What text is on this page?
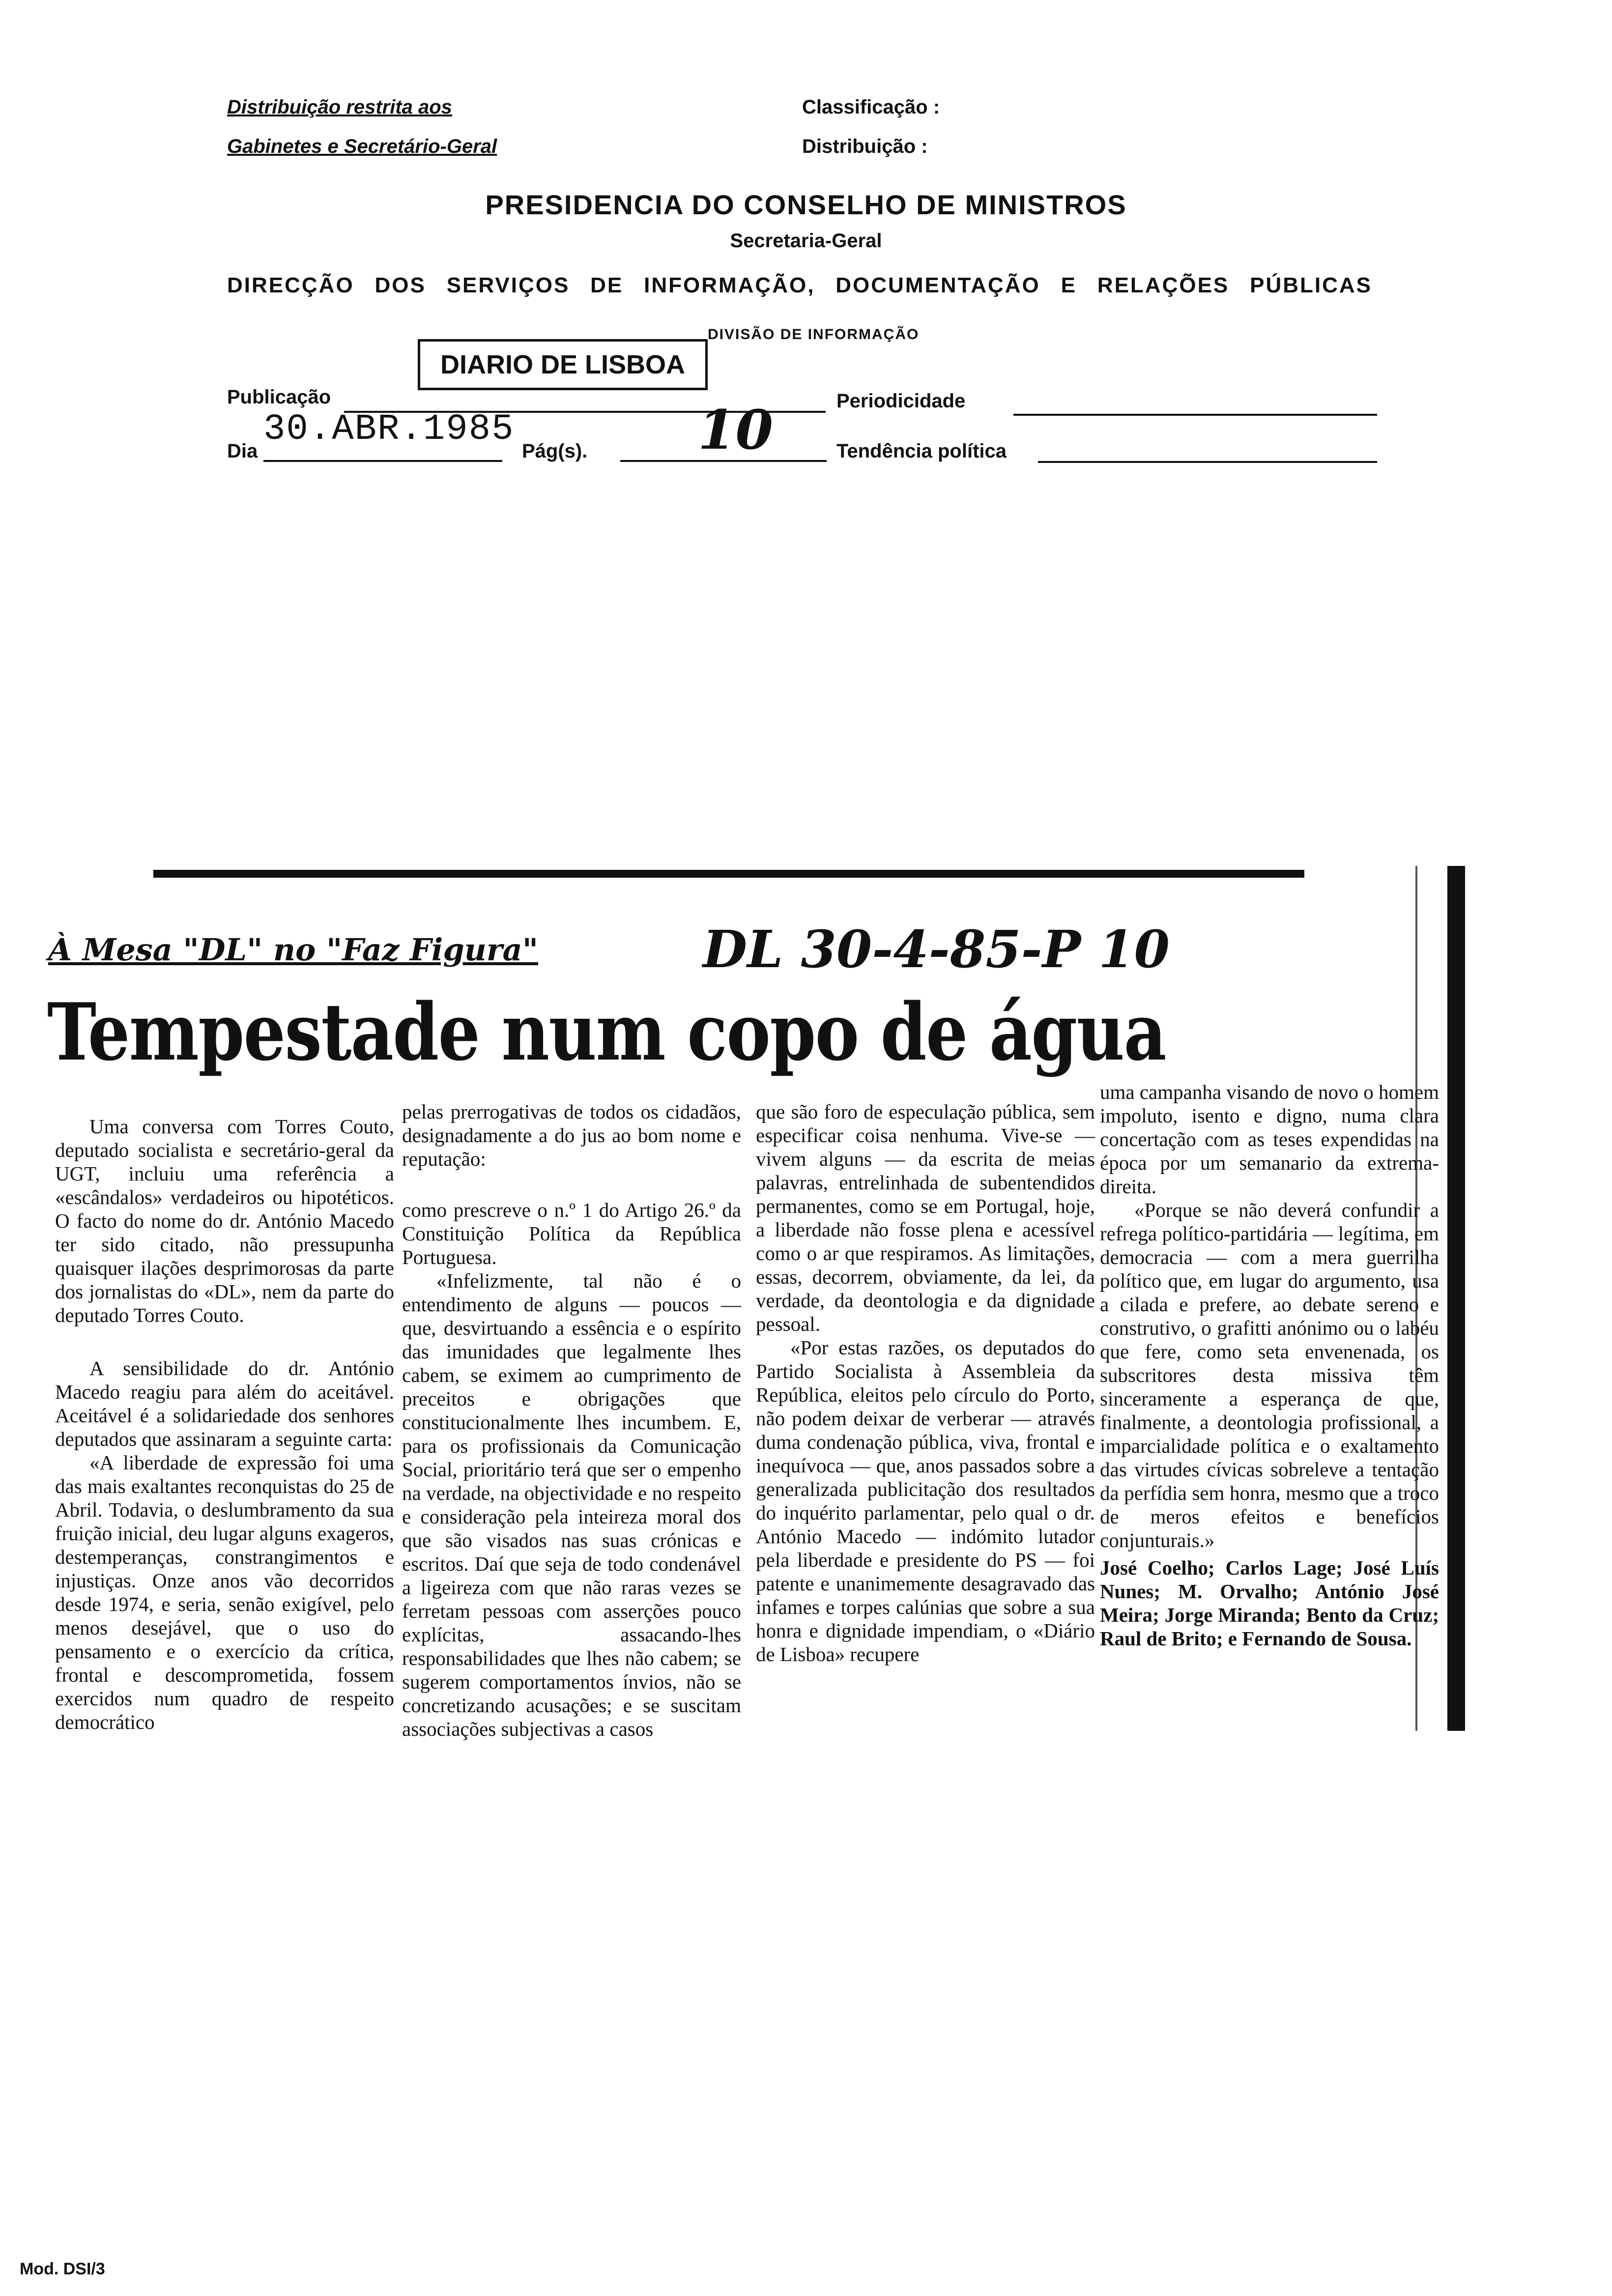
Distribuição restrita aos
Gabinetes e Secretário-Geral
Classificação :
Distribuição :
PRESIDENCIA DO CONSELHO DE MINISTROS
Secretaria-Geral
DIRECÇÃO DOS SERVIÇOS DE INFORMAÇÃO, DOCUMENTAÇÃO E RELAÇÕES PÚBLICAS
DIVISÃO DE INFORMAÇÃO
DIARIO DE LISBOA
Publicação	Periodicidade
Dia
30.ABR.1985
Pág(s). 10	Tendência política
À Mesa "DL" no "Faz Figura"	DL 30-4-85-P 10
Tempestade num copo de água

Uma conversa com Torres Couto, deputado socialista e secretário-geral da UGT, incluiu uma referência a «escândalos» verdadeiros ou hipotéticos. O facto do nome do dr. António Macedo ter sido citado, não pressupunha quaisquer ilações desprimorosas da parte dos jornalistas do «DL», nem da parte do deputado Torres Couto.

A sensibilidade do dr. António Macedo reagiu para além do aceitável. Aceitável é a solidariedade dos senhores deputados que assinaram a seguinte carta:

«A liberdade de expressão foi uma das mais exaltantes reconquistas do 25 de Abril. Todavia, o deslumbramento da sua fruição inicial, deu lugar alguns exageros, destemperanças, constrangimentos e injustiças. Onze anos vão decorridos desde 1974, e seria, senão exigível, pelo menos desejável, que o uso do pensamento e o exercício da crítica, frontal e descomprometida, fossem exercidos num quadro de respeito democrático

pelas prerrogativas de todos os cidadãos, designadamente a do jus ao bom nome e reputação:

como prescreve o n.º 1 do Artigo 26.º da Constituição Política da República Portuguesa.

«Infelizmente, tal não é o entendimento de alguns — poucos — que, desvirtuando a essência e o espírito das imunidades que legalmente lhes cabem, se eximem ao cumprimento de preceitos e obrigações que constitucionalmente lhes incumbem. E, para os profissionais da Comunicação Social, prioritário terá que ser o empenho na verdade, na objectividade e no respeito e consideração pela inteireza moral dos que são visados nas suas crónicas e escritos. Daí que seja de todo condenável a ligeireza com que não raras vezes se ferretam pessoas com asserções pouco explícitas, assacando-lhes responsabilidades que lhes não cabem; se sugerem comportamentos ínvios, não se concretizando acusações; e se suscitam associações subjectivas a casos

que são foro de especulação pública, sem especificar coisa nenhuma. Vive-se — vivem alguns — da escrita de meias palavras, entrelinhada de subentendidos permanentes, como se em Portugal, hoje, a liberdade não fosse plena e acessível como o ar que respiramos. As limitações, essas, decorrem, obviamente, da lei, da verdade, da deontologia e da dignidade pessoal.

«Por estas razões, os deputados do Partido Socialista à Assembleia da República, eleitos pelo círculo do Porto, não podem deixar de verberar — através duma condenação pública, viva, frontal e inequívoca — que, anos passados sobre a generalizada publicitação dos resultados do inquérito parlamentar, pelo qual o dr. António Macedo — indómito lutador pela liberdade e presidente do PS — foi patente e unanimemente desagravado das infames e torpes calúnias que sobre a sua honra e dignidade impendiam, o «Diário de Lisboa» recupere

uma campanha visando de novo o homem impoluto, isento e digno, numa clara concertação com as teses expendidas na época por um semanario da extrema-direita.

«Porque se não deverá confundir a refrega político-partidária — legítima, em democracia — com a mera guerrilha político que, em lugar do argumento, usa a cilada e prefere, ao debate sereno e construtivo, o grafitti anónimo ou o labéu que fere, como seta envenenada, os subscritores desta missiva têm sinceramente a esperança de que, finalmente, a deontologia profissional, a imparcialidade política e o exaltamento das virtudes cívicas sobreleve a tentação da perfídia sem honra, mesmo que a troco de meros efeitos e benefícios conjunturais.»

José Coelho; Carlos Lage; José Luís Nunes; M. Orvalho; António José Meira; Jorge Miranda; Bento da Cruz; Raul de Brito; e Fernando de Sousa.

Mod. DSI/3
